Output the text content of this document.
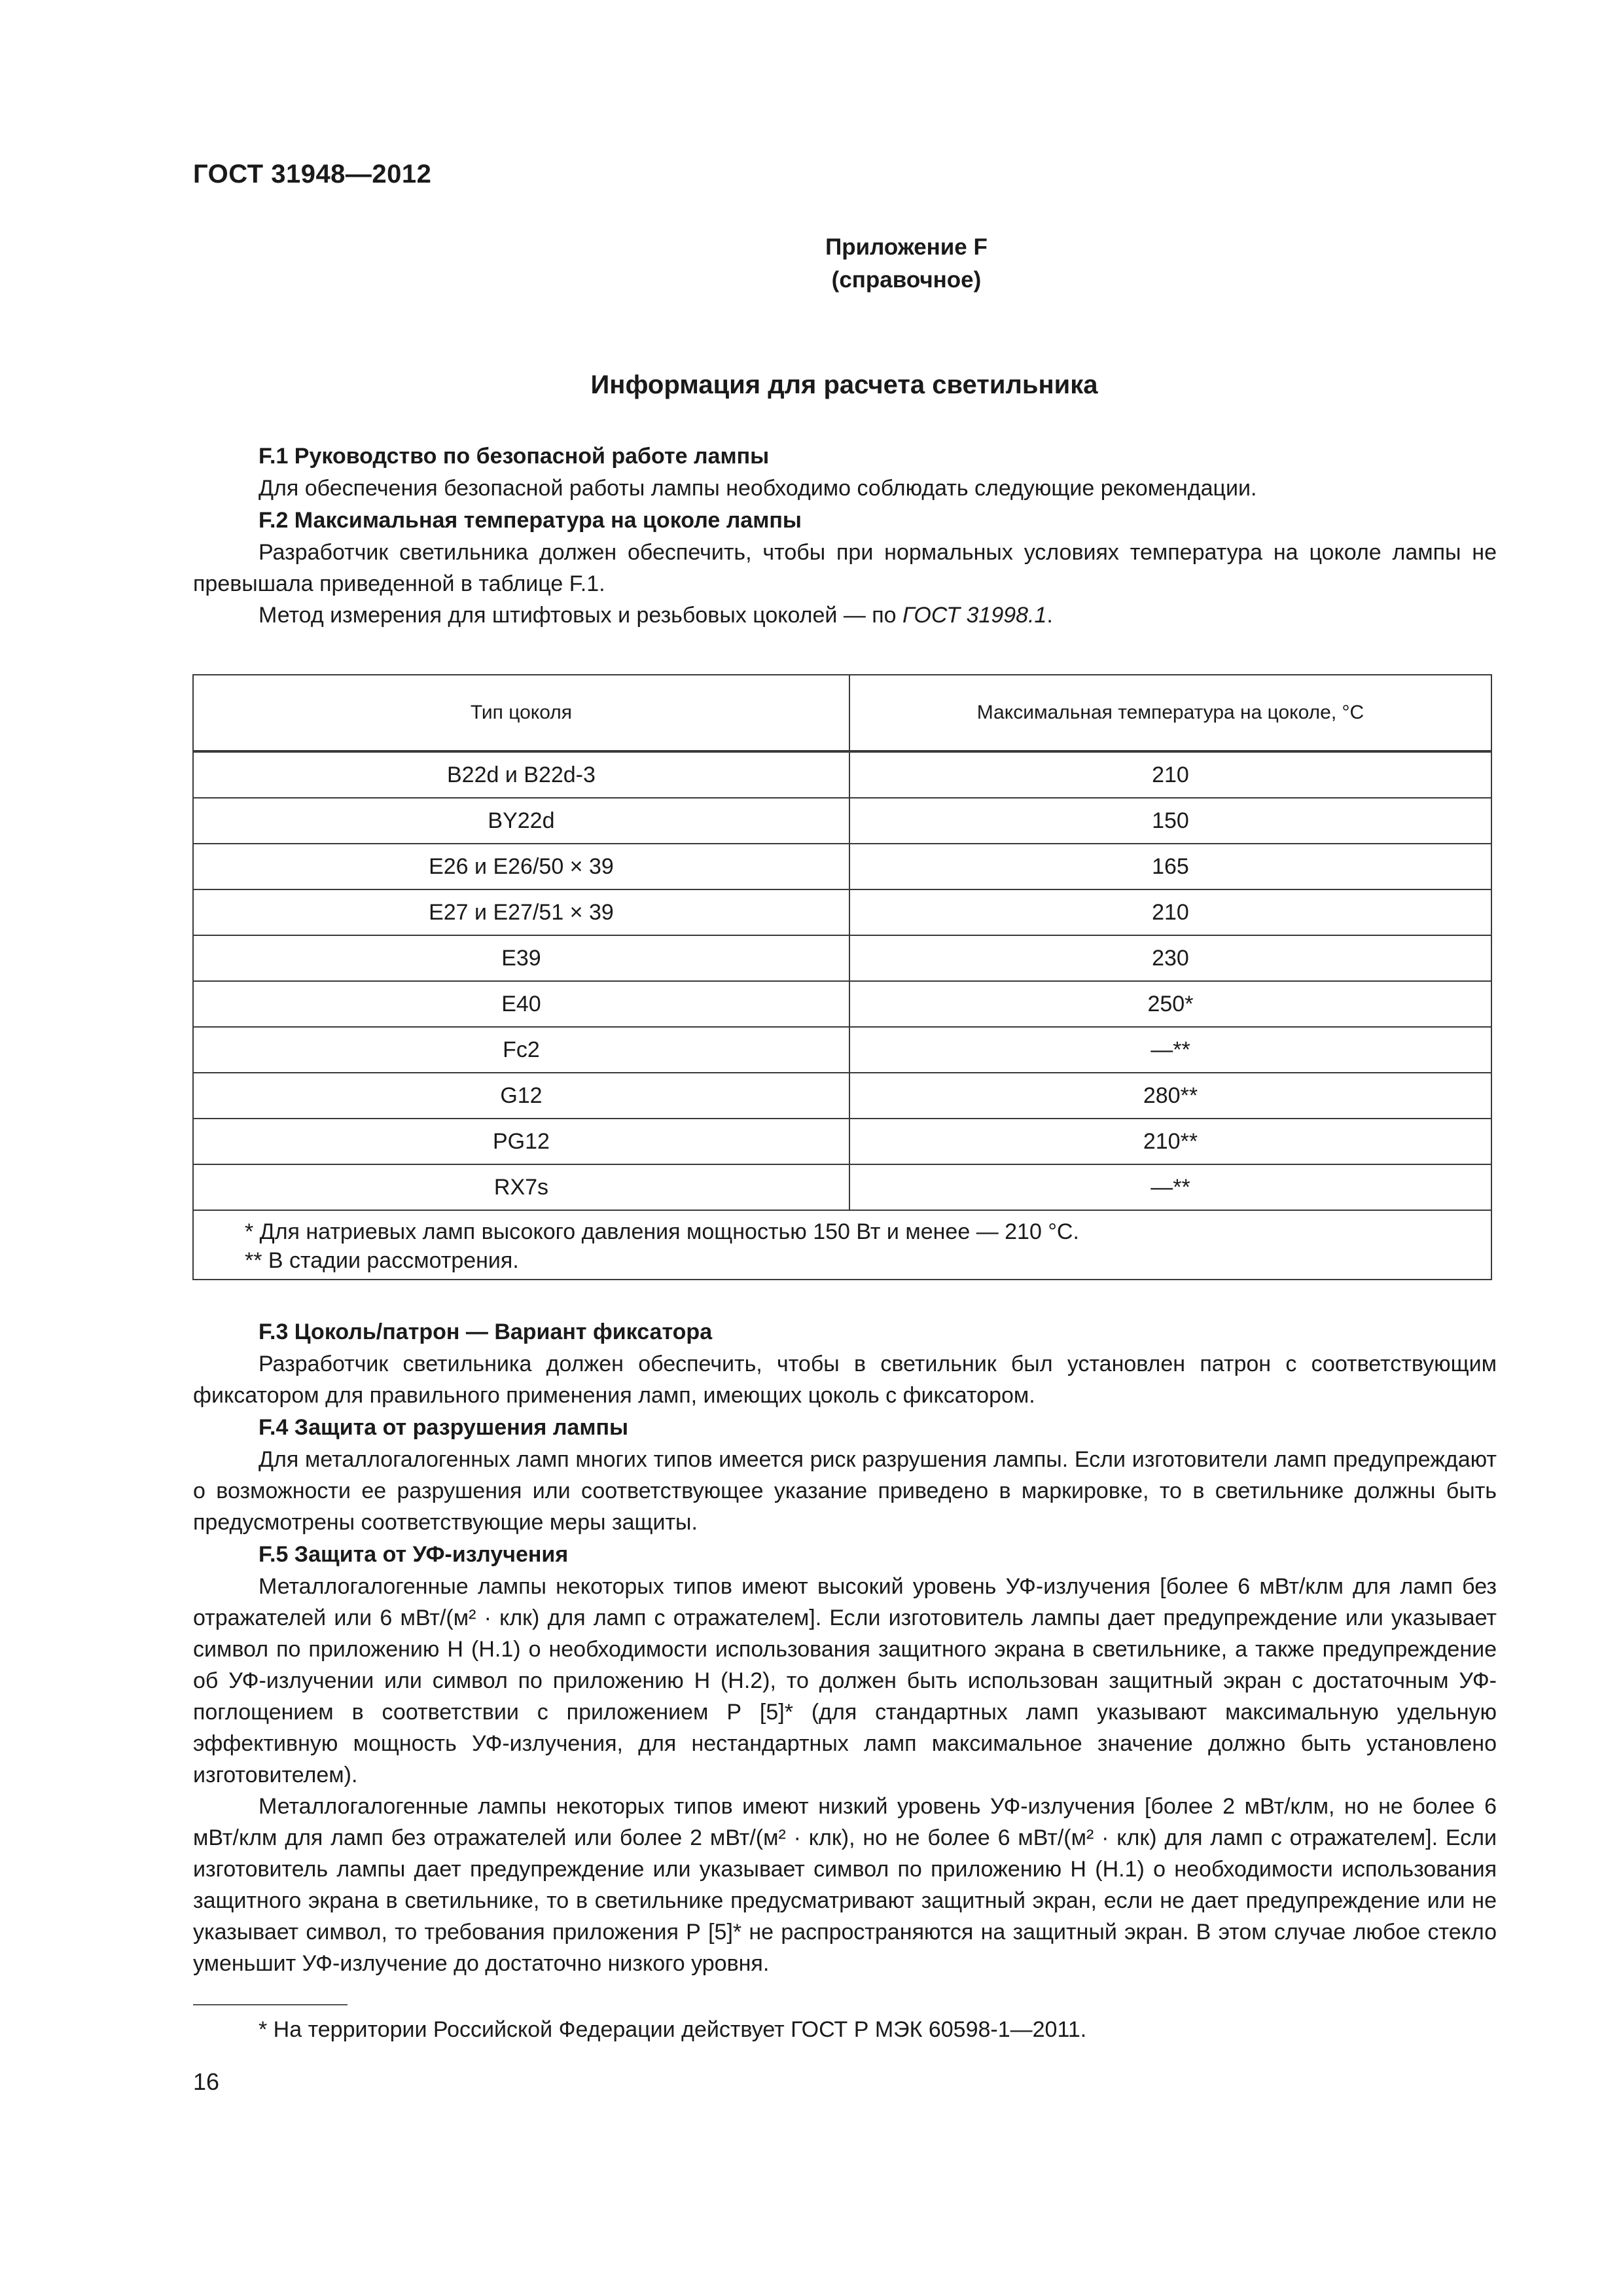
ГОСТ 31948—2012
Приложение F
(справочное)
Информация для расчета светильника
F.1 Руководство по безопасной работе лампы

Для обеспечения безопасной работы лампы необходимо соблюдать следующие рекомендации.

F.2 Максимальная температура на цоколе лампы

Разработчик светильника должен обеспечить, чтобы при нормальных условиях температура на цоколе лампы не превышала приведенной в таблице F.1.

Метод измерения для штифтовых и резьбовых цоколей — по ГОСТ 31998.1.

Тип цоколя	Максимальная температура на цоколе, °С
B22d и B22d-3	210
BY22d	150
E26 и E26/50 × 39	165
E27 и E27/51 × 39	210
E39	230
E40	250*
Fc2	—**
G12	280**
PG12	210**
RX7s	—**

* Для натриевых ламп высокого давления мощностью 150 Вт и менее — 210 °С.
** В стадии рассмотрения.	
F.3 Цоколь/патрон — Вариант фиксатора

Разработчик светильника должен обеспечить, чтобы в светильник был установлен патрон с соответствующим фиксатором для правильного применения ламп, имеющих цоколь с фиксатором.

F.4 Защита от разрушения лампы

Для металлогалогенных ламп многих типов имеется риск разрушения лампы. Если изготовители ламп предупреждают о возможности ее разрушения или соответствующее указание приведено в маркировке, то в светильнике должны быть предусмотрены соответствующие меры защиты.

F.5 Защита от УФ-излучения

Металлогалогенные лампы некоторых типов имеют высокий уровень УФ-излучения [более 6 мВт/клм для ламп без отражателей или 6 мВт/(м² · клк) для ламп с отражателем]. Если изготовитель лампы дает предупреждение или указывает символ по приложению Н (Н.1) о необходимости использования защитного экрана в светильнике, а также предупреждение об УФ-излучении или символ по приложению Н (Н.2), то должен быть использован защитный экран с достаточным УФ-поглощением в соответствии с приложением Р [5]* (для стандартных ламп указывают максимальную удельную эффективную мощность УФ-излучения, для нестандартных ламп максимальное значение должно быть установлено изготовителем).

Металлогалогенные лампы некоторых типов имеют низкий уровень УФ-излучения [более 2 мВт/клм, но не более 6 мВт/клм для ламп без отражателей или более 2 мВт/(м² · клк), но не более 6 мВт/(м² · клк) для ламп с отражателем]. Если изготовитель лампы дает предупреждение или указывает символ по приложению Н (Н.1) о необходимости использования защитного экрана в светильнике, то в светильнике предусматривают защитный экран, если не дает предупреждение или не указывает символ, то требования приложения Р [5]* не распространяются на защитный экран. В этом случае любое стекло уменьшит УФ-излучение до достаточно низкого уровня.

* На территории Российской Федерации действует ГОСТ Р МЭК 60598-1—2011.
16
